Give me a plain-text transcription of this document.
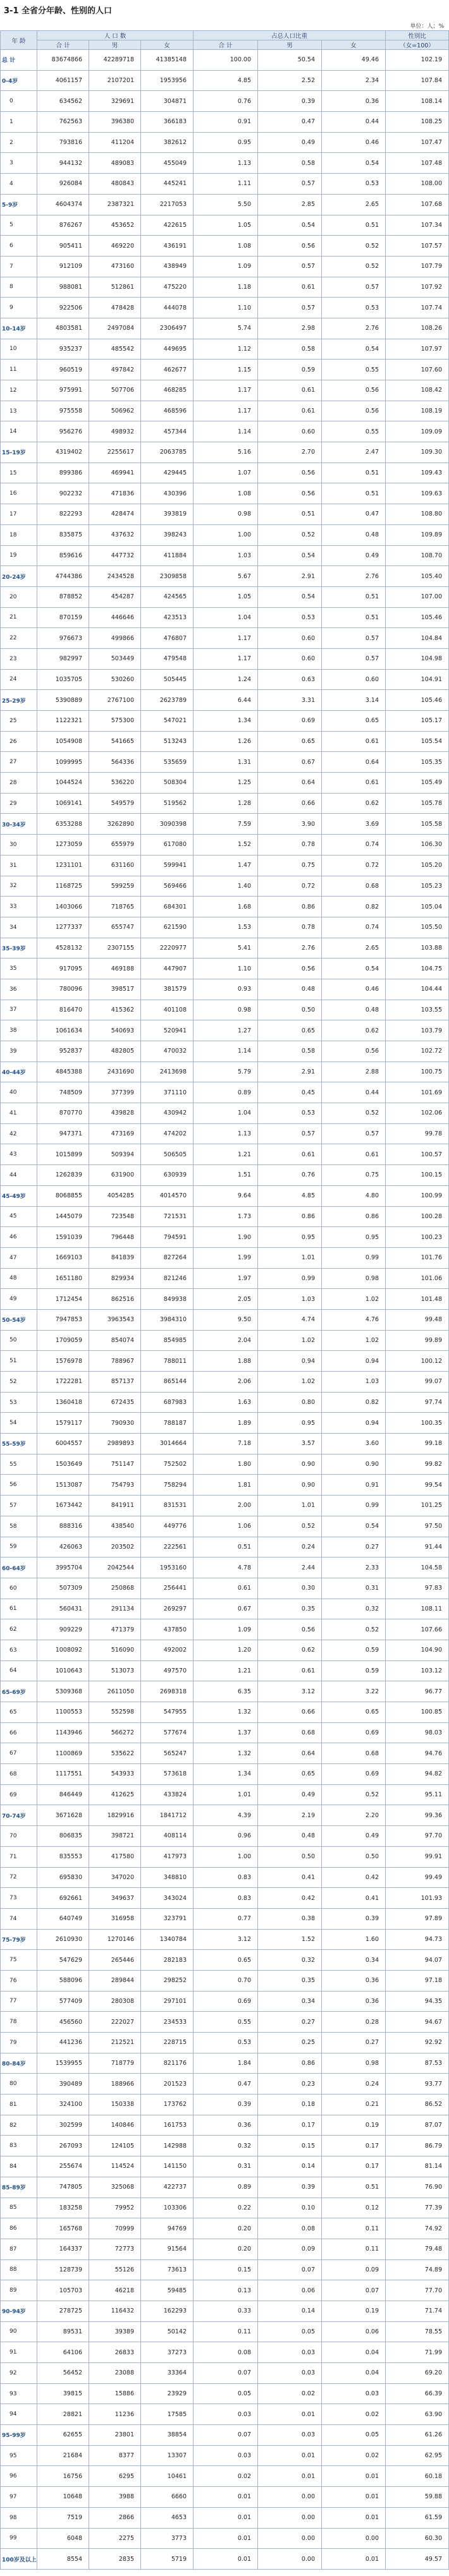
3-1 全省分年龄、性别的人口
单位：人；%
年 龄
人 口 数	占总人口比重	性别比
合 计	男	女	合 计	男	女	（女=100）
总 计	83674866	42289718	41385148	100.00	50.54	49.46	102.19
0-4岁	4061157	2107201	1953956	4.85	2.52	2.34	107.84
0	634562	329691	304871	0.76	0.39	0.36	108.14
1	762563	396380	366183	0.91	0.47	0.44	108.25
2	793816	411204	382612	0.95	0.49	0.46	107.47
3	944132	489083	455049	1.13	0.58	0.54	107.48
4	926084	480843	445241	1.11	0.57	0.53	108.00
5-9岁	4604374	2387321	2217053	5.50	2.85	2.65	107.68
5	876267	453652	422615	1.05	0.54	0.51	107.34
6	905411	469220	436191	1.08	0.56	0.52	107.57
7	912109	473160	438949	1.09	0.57	0.52	107.79
8	988081	512861	475220	1.18	0.61	0.57	107.92
9	922506	478428	444078	1.10	0.57	0.53	107.74
10-14岁	4803581	2497084	2306497	5.74	2.98	2.76	108.26
10	935237	485542	449695	1.12	0.58	0.54	107.97
11	960519	497842	462677	1.15	0.59	0.55	107.60
12	975991	507706	468285	1.17	0.61	0.56	108.42
13	975558	506962	468596	1.17	0.61	0.56	108.19
14	956276	498932	457344	1.14	0.60	0.55	109.09
15-19岁	4319402	2255617	2063785	5.16	2.70	2.47	109.30
15	899386	469941	429445	1.07	0.56	0.51	109.43
16	902232	471836	430396	1.08	0.56	0.51	109.63
17	822293	428474	393819	0.98	0.51	0.47	108.80
18	835875	437632	398243	1.00	0.52	0.48	109.89
19	859616	447732	411884	1.03	0.54	0.49	108.70
20-24岁	4744386	2434528	2309858	5.67	2.91	2.76	105.40
20	878852	454287	424565	1.05	0.54	0.51	107.00
21	870159	446646	423513	1.04	0.53	0.51	105.46
22	976673	499866	476807	1.17	0.60	0.57	104.84
23	982997	503449	479548	1.17	0.60	0.57	104.98
24	1035705	530260	505445	1.24	0.63	0.60	104.91
25-29岁	5390889	2767100	2623789	6.44	3.31	3.14	105.46
25	1122321	575300	547021	1.34	0.69	0.65	105.17
26	1054908	541665	513243	1.26	0.65	0.61	105.54
27	1099995	564336	535659	1.31	0.67	0.64	105.35
28	1044524	536220	508304	1.25	0.64	0.61	105.49
29	1069141	549579	519562	1.28	0.66	0.62	105.78
30-34岁	6353288	3262890	3090398	7.59	3.90	3.69	105.58
30	1273059	655979	617080	1.52	0.78	0.74	106.30
31	1231101	631160	599941	1.47	0.75	0.72	105.20
32	1168725	599259	569466	1.40	0.72	0.68	105.23
33	1403066	718765	684301	1.68	0.86	0.82	105.04
34	1277337	655747	621590	1.53	0.78	0.74	105.50
35-39岁	4528132	2307155	2220977	5.41	2.76	2.65	103.88
35	917095	469188	447907	1.10	0.56	0.54	104.75
36	780096	398517	381579	0.93	0.48	0.46	104.44
37	816470	415362	401108	0.98	0.50	0.48	103.55
38	1061634	540693	520941	1.27	0.65	0.62	103.79
39	952837	482805	470032	1.14	0.58	0.56	102.72
40-44岁	4845388	2431690	2413698	5.79	2.91	2.88	100.75
40	748509	377399	371110	0.89	0.45	0.44	101.69
41	870770	439828	430942	1.04	0.53	0.52	102.06
42	947371	473169	474202	1.13	0.57	0.57	99.78
43	1015899	509394	506505	1.21	0.61	0.61	100.57
44	1262839	631900	630939	1.51	0.76	0.75	100.15
45-49岁	8068855	4054285	4014570	9.64	4.85	4.80	100.99
45	1445079	723548	721531	1.73	0.86	0.86	100.28
46	1591039	796448	794591	1.90	0.95	0.95	100.23
47	1669103	841839	827264	1.99	1.01	0.99	101.76
48	1651180	829934	821246	1.97	0.99	0.98	101.06
49	1712454	862516	849938	2.05	1.03	1.02	101.48
50-54岁	7947853	3963543	3984310	9.50	4.74	4.76	99.48
50	1709059	854074	854985	2.04	1.02	1.02	99.89
51	1576978	788967	788011	1.88	0.94	0.94	100.12
52	1722281	857137	865144	2.06	1.02	1.03	99.07
53	1360418	672435	687983	1.63	0.80	0.82	97.74
54	1579117	790930	788187	1.89	0.95	0.94	100.35
55-59岁	6004557	2989893	3014664	7.18	3.57	3.60	99.18
55	1503649	751147	752502	1.80	0.90	0.90	99.82
56	1513087	754793	758294	1.81	0.90	0.91	99.54
57	1673442	841911	831531	2.00	1.01	0.99	101.25
58	888316	438540	449776	1.06	0.52	0.54	97.50
59	426063	203502	222561	0.51	0.24	0.27	91.44
60-64岁	3995704	2042544	1953160	4.78	2.44	2.33	104.58
60	507309	250868	256441	0.61	0.30	0.31	97.83
61	560431	291134	269297	0.67	0.35	0.32	108.11
62	909229	471379	437850	1.09	0.56	0.52	107.66
63	1008092	516090	492002	1.20	0.62	0.59	104.90
64	1010643	513073	497570	1.21	0.61	0.59	103.12
65-69岁	5309368	2611050	2698318	6.35	3.12	3.22	96.77
65	1100553	552598	547955	1.32	0.66	0.65	100.85
66	1143946	566272	577674	1.37	0.68	0.69	98.03
67	1100869	535622	565247	1.32	0.64	0.68	94.76
68	1117551	543933	573618	1.34	0.65	0.69	94.82
69	846449	412625	433824	1.01	0.49	0.52	95.11
70-74岁	3671628	1829916	1841712	4.39	2.19	2.20	99.36
70	806835	398721	408114	0.96	0.48	0.49	97.70
71	835553	417580	417973	1.00	0.50	0.50	99.91
72	695830	347020	348810	0.83	0.41	0.42	99.49
73	692661	349637	343024	0.83	0.42	0.41	101.93
74	640749	316958	323791	0.77	0.38	0.39	97.89
75-79岁	2610930	1270146	1340784	3.12	1.52	1.60	94.73
75	547629	265446	282183	0.65	0.32	0.34	94.07
76	588096	289844	298252	0.70	0.35	0.36	97.18
77	577409	280308	297101	0.69	0.34	0.36	94.35
78	456560	222027	234533	0.55	0.27	0.28	94.67
79	441236	212521	228715	0.53	0.25	0.27	92.92
80-84岁	1539955	718779	821176	1.84	0.86	0.98	87.53
80	390489	188966	201523	0.47	0.23	0.24	93.77
81	324100	150338	173762	0.39	0.18	0.21	86.52
82	302599	140846	161753	0.36	0.17	0.19	87.07
83	267093	124105	142988	0.32	0.15	0.17	86.79
84	255674	114524	141150	0.31	0.14	0.17	81.14
85-89岁	747805	325068	422737	0.89	0.39	0.51	76.90
85	183258	79952	103306	0.22	0.10	0.12	77.39
86	165768	70999	94769	0.20	0.08	0.11	74.92
87	164337	72773	91564	0.20	0.09	0.11	79.48
88	128739	55126	73613	0.15	0.07	0.09	74.89
89	105703	46218	59485	0.13	0.06	0.07	77.70
90-94岁	278725	116432	162293	0.33	0.14	0.19	71.74
90	89531	39389	50142	0.11	0.05	0.06	78.55
91	64106	26833	37273	0.08	0.03	0.04	71.99
92	56452	23088	33364	0.07	0.03	0.04	69.20
93	39815	15886	23929	0.05	0.02	0.03	66.39
94	28821	11236	17585	0.03	0.01	0.02	63.90
95-99岁	62655	23801	38854	0.07	0.03	0.05	61.26
95	21684	8377	13307	0.03	0.01	0.02	62.95
96	16756	6295	10461	0.02	0.01	0.01	60.18
97	10648	3988	6660	0.01	0.00	0.01	59.88
98	7519	2866	4653	0.01	0.00	0.01	61.59
99	6048	2275	3773	0.01	0.00	0.00	60.30
100岁及以上	8554	2835	5719	0.01	0.00	0.01	49.57
